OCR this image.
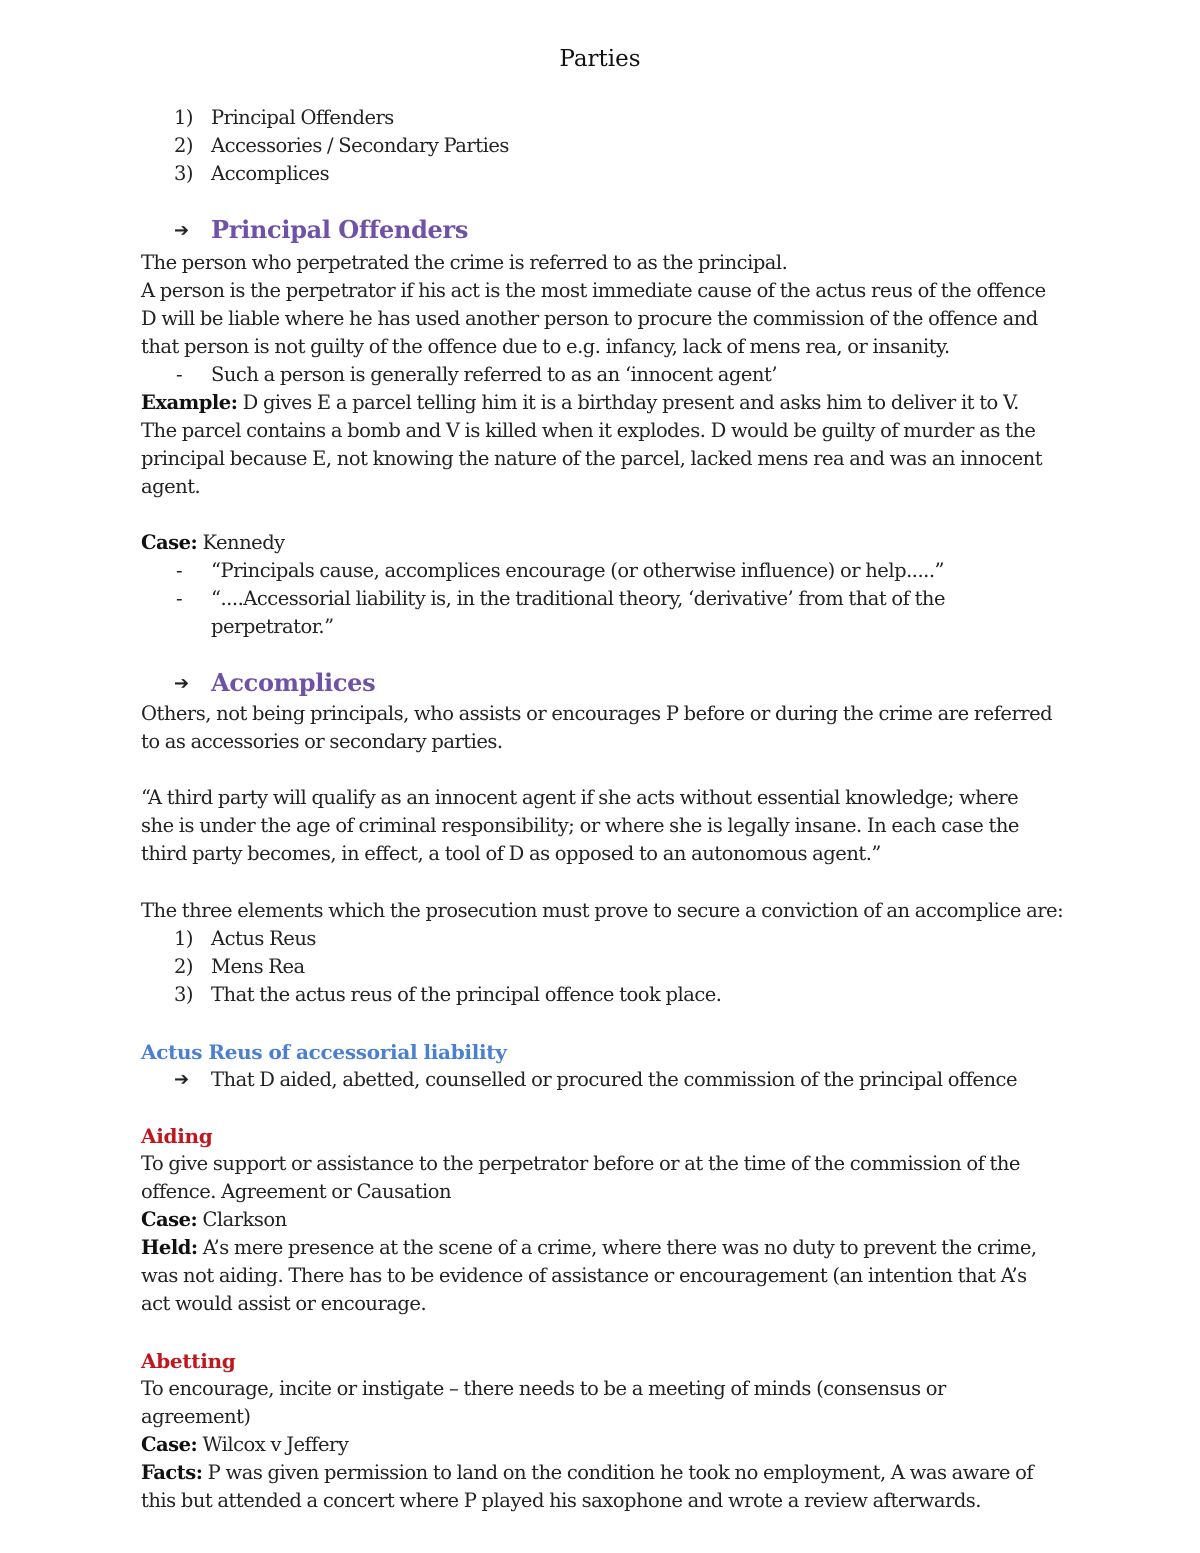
Parties
1) Principal Offenders
2) Accessories / Secondary Parties
3) Accomplices
➔ Principal Offenders
The person who perpetrated the crime is referred to as the principal.
A person is the perpetrator if his act is the most immediate cause of the actus reus of the offence
D will be liable where he has used another person to procure the commission of the offence and
that person is not guilty of the offence due to e.g. infancy, lack of mens rea, or insanity.
- Such a person is generally referred to as an ‘innocent agent’
Example: D gives E a parcel telling him it is a birthday present and asks him to deliver it to V.
The parcel contains a bomb and V is killed when it explodes. D would be guilty of murder as the
principal because E, not knowing the nature of the parcel, lacked mens rea and was an innocent
agent.
Case: Kennedy
- “Principals cause, accomplices encourage (or otherwise influence) or help.....”
- “....Accessorial liability is, in the traditional theory, ‘derivative’ from that of the
perpetrator.”
➔ Accomplices
Others, not being principals, who assists or encourages P before or during the crime are referred
to as accessories or secondary parties.
“A third party will qualify as an innocent agent if she acts without essential knowledge; where
she is under the age of criminal responsibility; or where she is legally insane. In each case the
third party becomes, in effect, a tool of D as opposed to an autonomous agent.”
The three elements which the prosecution must prove to secure a conviction of an accomplice are:
1) Actus Reus
2) Mens Rea
3) That the actus reus of the principal offence took place.
Actus Reus of accessorial liability
➔ That D aided, abetted, counselled or procured the commission of the principal offence
Aiding
To give support or assistance to the perpetrator before or at the time of the commission of the
offence. Agreement or Causation
Case: Clarkson
Held: A’s mere presence at the scene of a crime, where there was no duty to prevent the crime,
was not aiding. There has to be evidence of assistance or encouragement (an intention that A’s
act would assist or encourage.
Abetting
To encourage, incite or instigate – there needs to be a meeting of minds (consensus or
agreement)
Case: Wilcox v Jeffery
Facts: P was given permission to land on the condition he took no employment, A was aware of
this but attended a concert where P played his saxophone and wrote a review afterwards.
